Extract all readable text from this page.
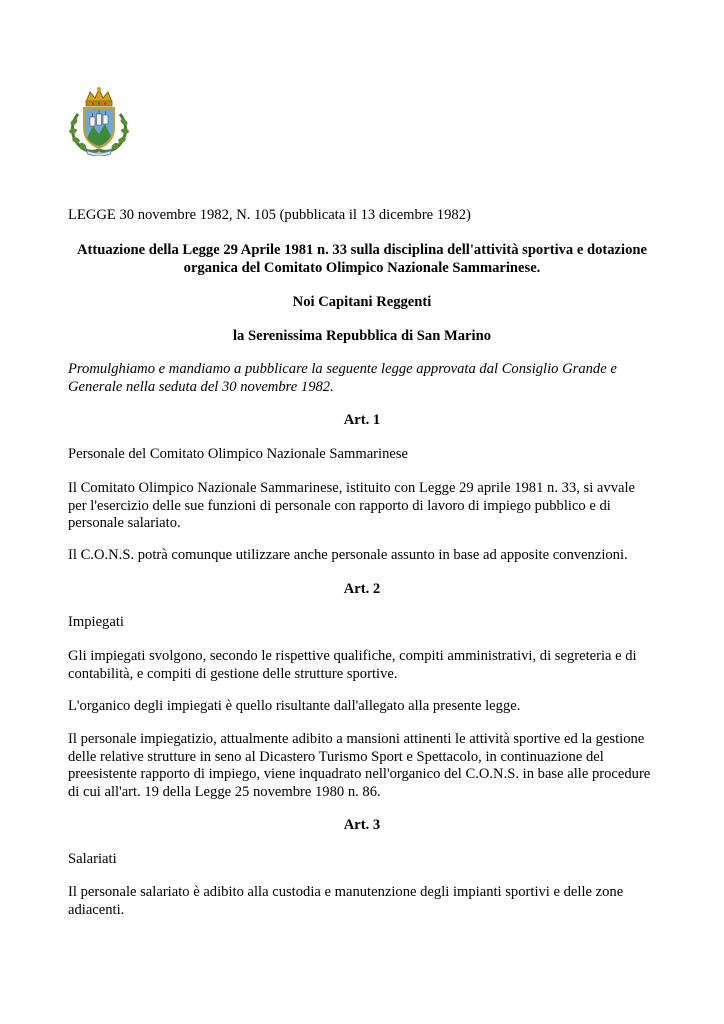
LEGGE 30 novembre 1982, N. 105 (pubblicata il 13 dicembre 1982)

Attuazione della Legge 29 Aprile 1981 n. 33 sulla disciplina dell'attività sportiva e dotazione organica del Comitato Olimpico Nazionale Sammarinese.

Noi Capitani Reggenti

la Serenissima Repubblica di San Marino

Promulghiamo e mandiamo a pubblicare la seguente legge approvata dal Consiglio Grande e Generale nella seduta del 30 novembre 1982.

Art. 1

Personale del Comitato Olimpico Nazionale Sammarinese

Il Comitato Olimpico Nazionale Sammarinese, istituito con Legge 29 aprile 1981 n. 33, si avvale per l'esercizio delle sue funzioni di personale con rapporto di lavoro di impiego pubblico e di personale salariato.

Il C.O.N.S. potrà comunque utilizzare anche personale assunto in base ad apposite convenzioni.

Art. 2

Impiegati

Gli impiegati svolgono, secondo le rispettive qualifiche, compiti amministrativi, di segreteria e di contabilità, e compiti di gestione delle strutture sportive.

L'organico degli impiegati è quello risultante dall'allegato alla presente legge.

Il personale impiegatizio, attualmente adibito a mansioni attinenti le attività sportive ed la gestione delle relative strutture in seno al Dicastero Turismo Sport e Spettacolo, in continuazione del preesistente rapporto di impiego, viene inquadrato nell'organico del C.O.N.S. in base alle procedure di cui all'art. 19 della Legge 25 novembre 1980 n. 86.

Art. 3

Salariati

Il personale salariato è adibito alla custodia e manutenzione degli impianti sportivi e delle zone adiacenti.
